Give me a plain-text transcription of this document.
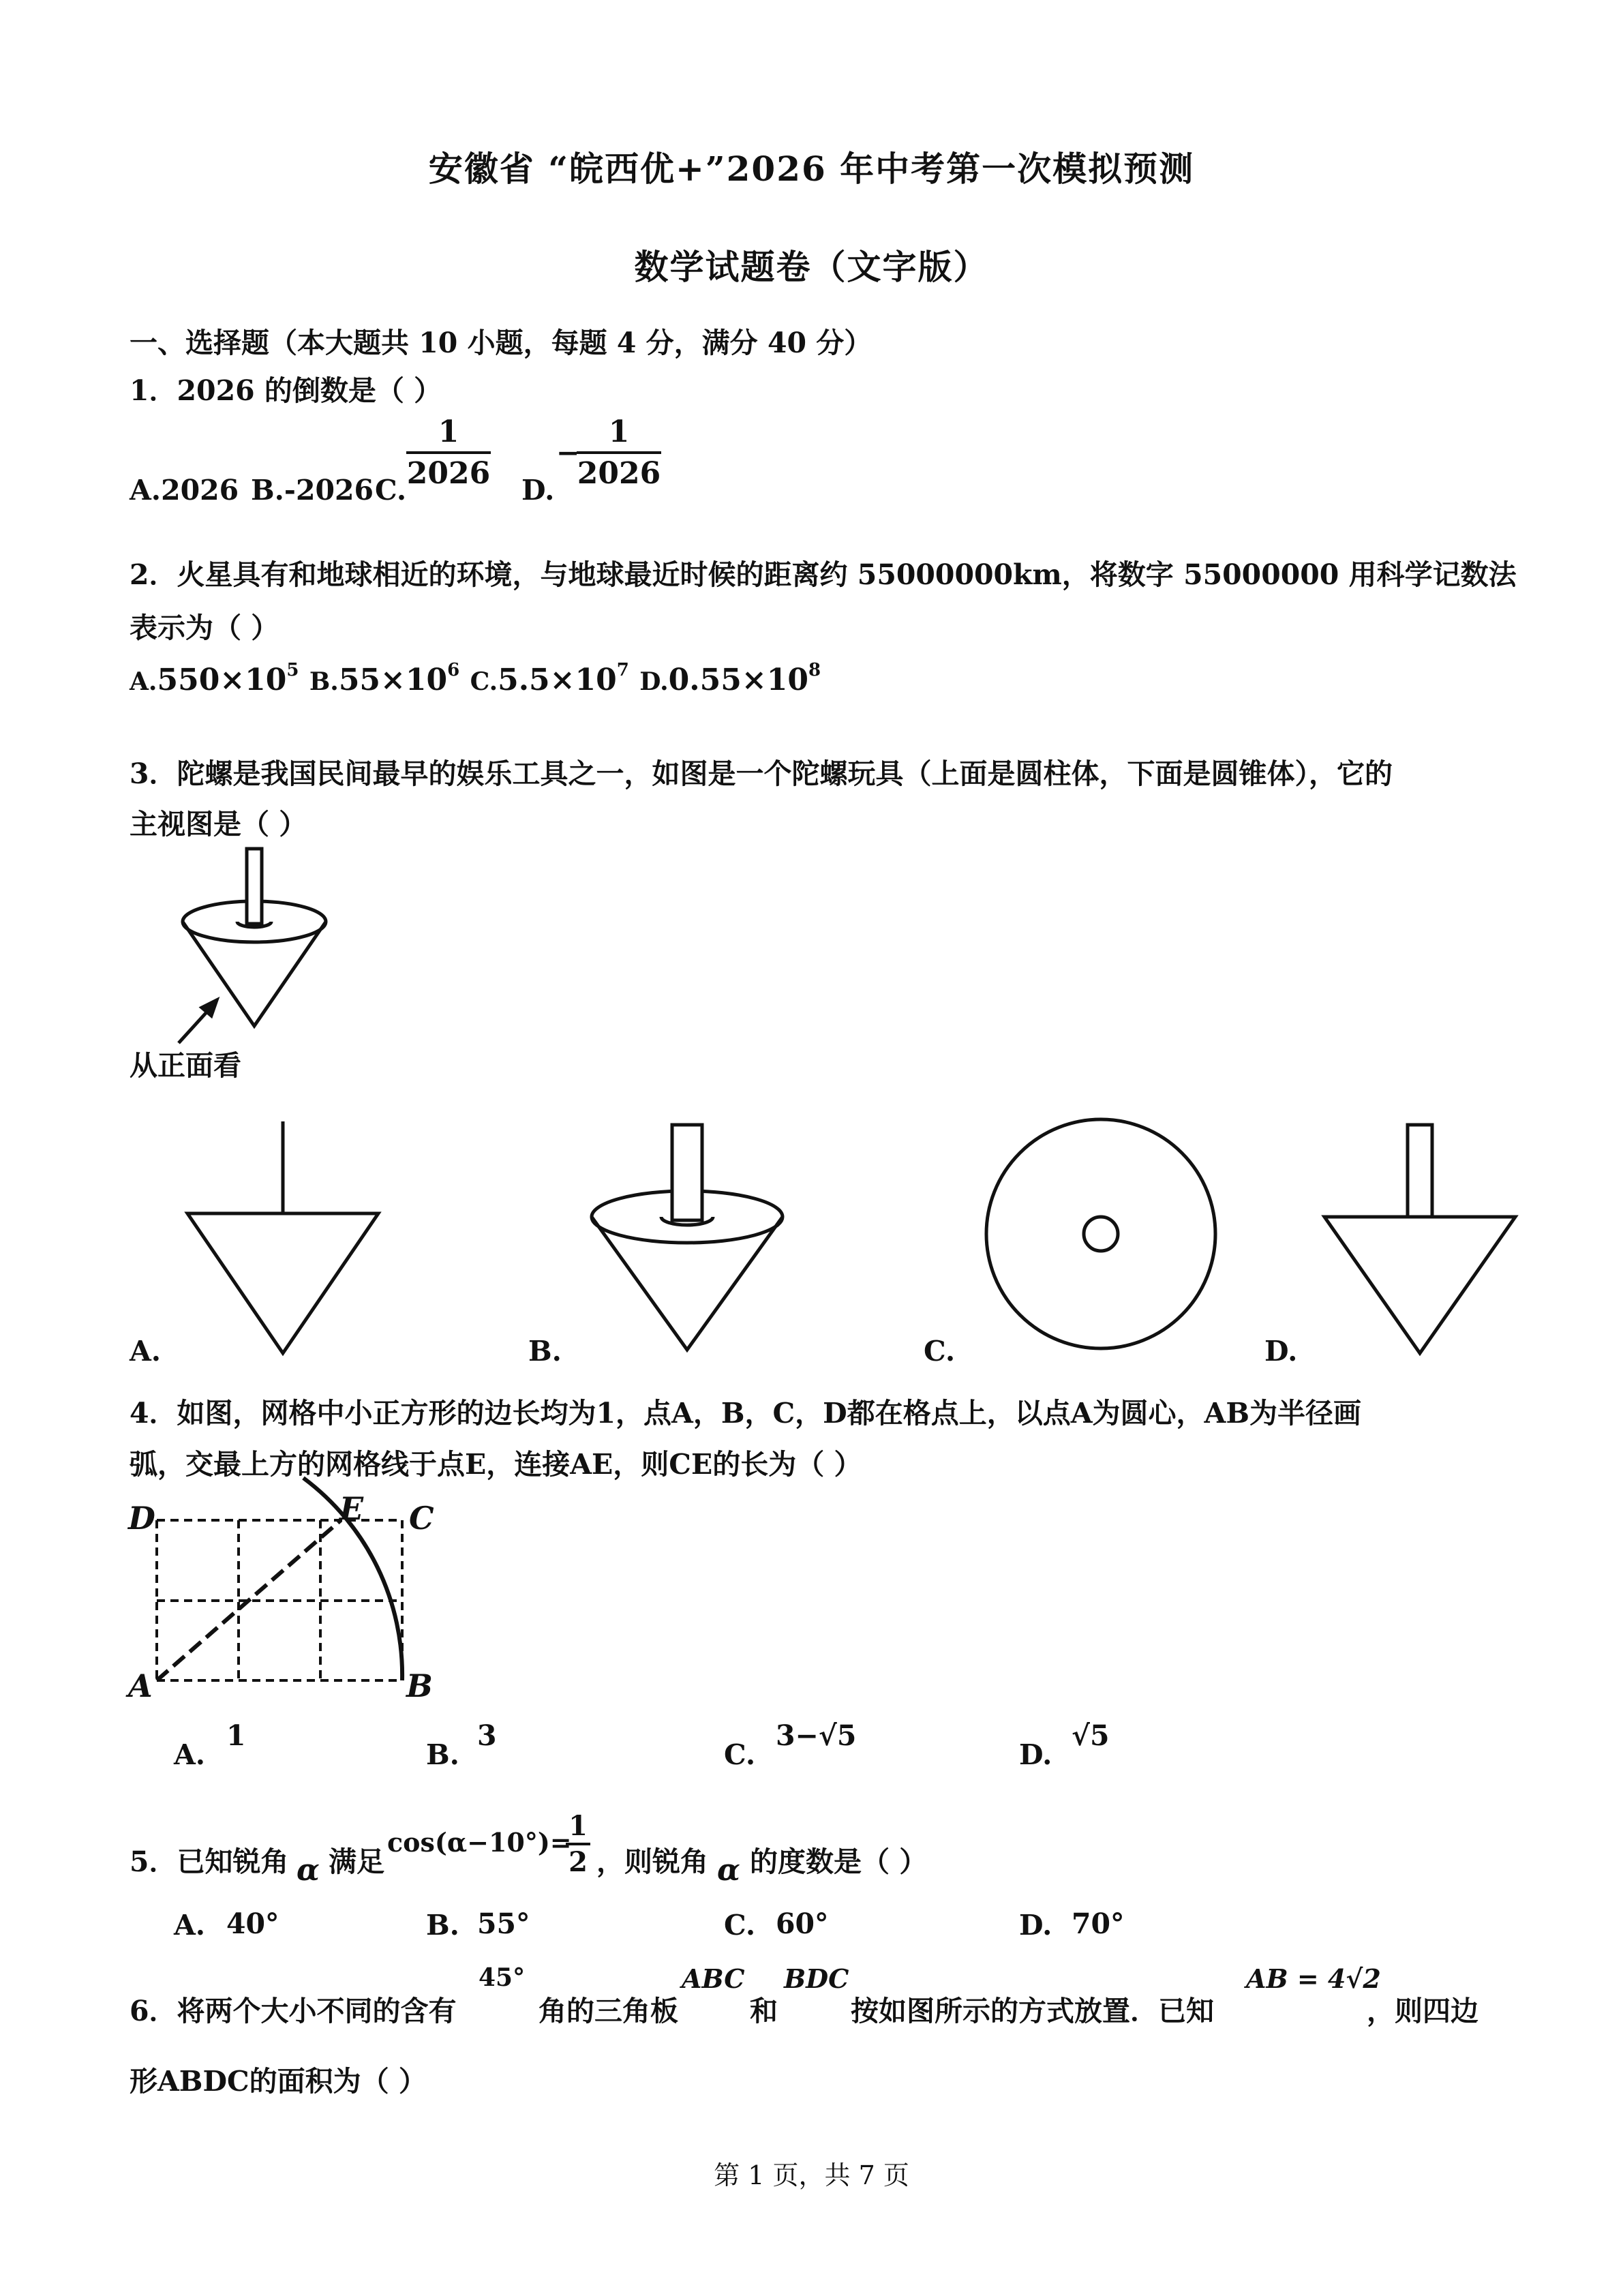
安徽省 “皖西优+”2026 年中考第一次模拟预测
数学试题卷（文字版）
一、选择题（本大题共 10 小题，每题 4 分，满分 40 分）
1．2026 的倒数是（ ）
A.2026 B.-2026 C.
1
2026 D.
−
1
2026
2．火星具有和地球相近的环境，与地球最近时候的距离约 55000000km，将数字 55000000 用科学记数法
表示为（ ）
$A.550\times 10^5$ $B.55\times 10^6$ $C.5.5\times 10^7$ $D.0.55\times 10^8$
3．陀螺是我国民间最早的娱乐工具之一，如图是一个陀螺玩具（上面是圆柱体，下面是圆锥体），它的
主视图是（ ）
从正面看
A.	B.	C.	D.
4．如图，网格中小正方形的边长均为1，点A，B，C，D都在格点上，以点A为圆心，AB为半径画
弧，交最上方的网格线于点E，连接AE，则CE的长为（ ）
D	E C
A	B
A.
1
B.
3
C.
3−√5
D.
√5
5．已知锐角 α 满足
cos(α−10°)=
1
2 ，则锐角 α 的度数是（ ）
A. 40°	B. 55°	C. 60°	D. 70°
6．将两个大小不同的含有
45°
角的三角板
ABC
和
BDC
按如图所示的方式放置．已知
AB = 4√2
，则四边
形ABDC的面积为（ ）
第 1 页，共 7 页
